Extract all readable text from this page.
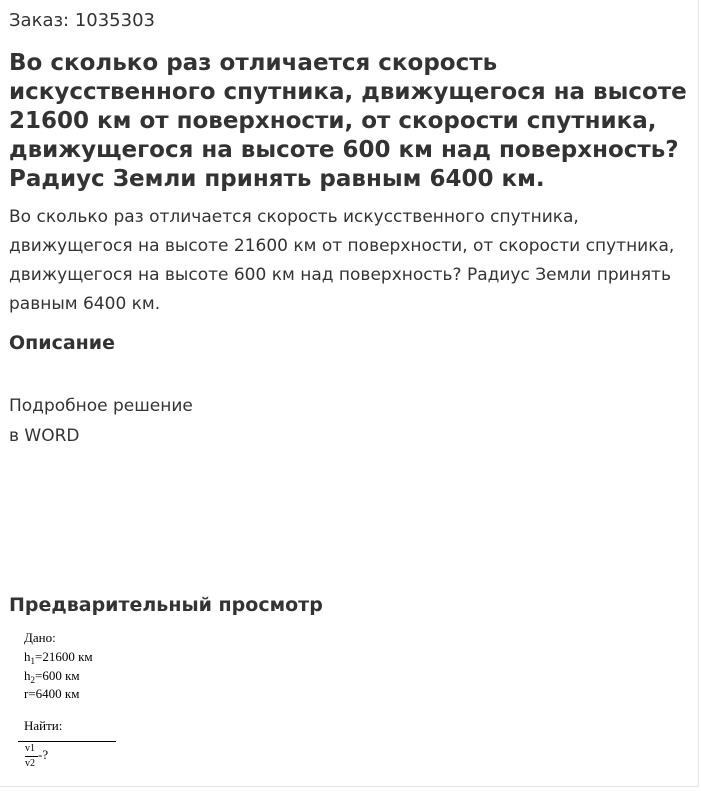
Заказ: 1035303
Во сколько раз отличается скорость искусственного спутника, движущегося на высоте 21600 км от поверхности, от скорости спутника, движущегося на высоте 600 км над поверхность? Радиус Земли принять равным 6400 км.

Во сколько раз отличается скорость искусственного спутника, движущегося на высоте 21600 км от поверхности, от скорости спутника, движущегося на высоте 600 км над поверхность? Радиус Земли принять равным 6400 км.

Описание
Подробное решение
в WORD
Предварительный просмотр
Дано:
$h_1=21600$ км
$h_2=600$ км
r=6400 км
Найти:
v1
v2
-?
